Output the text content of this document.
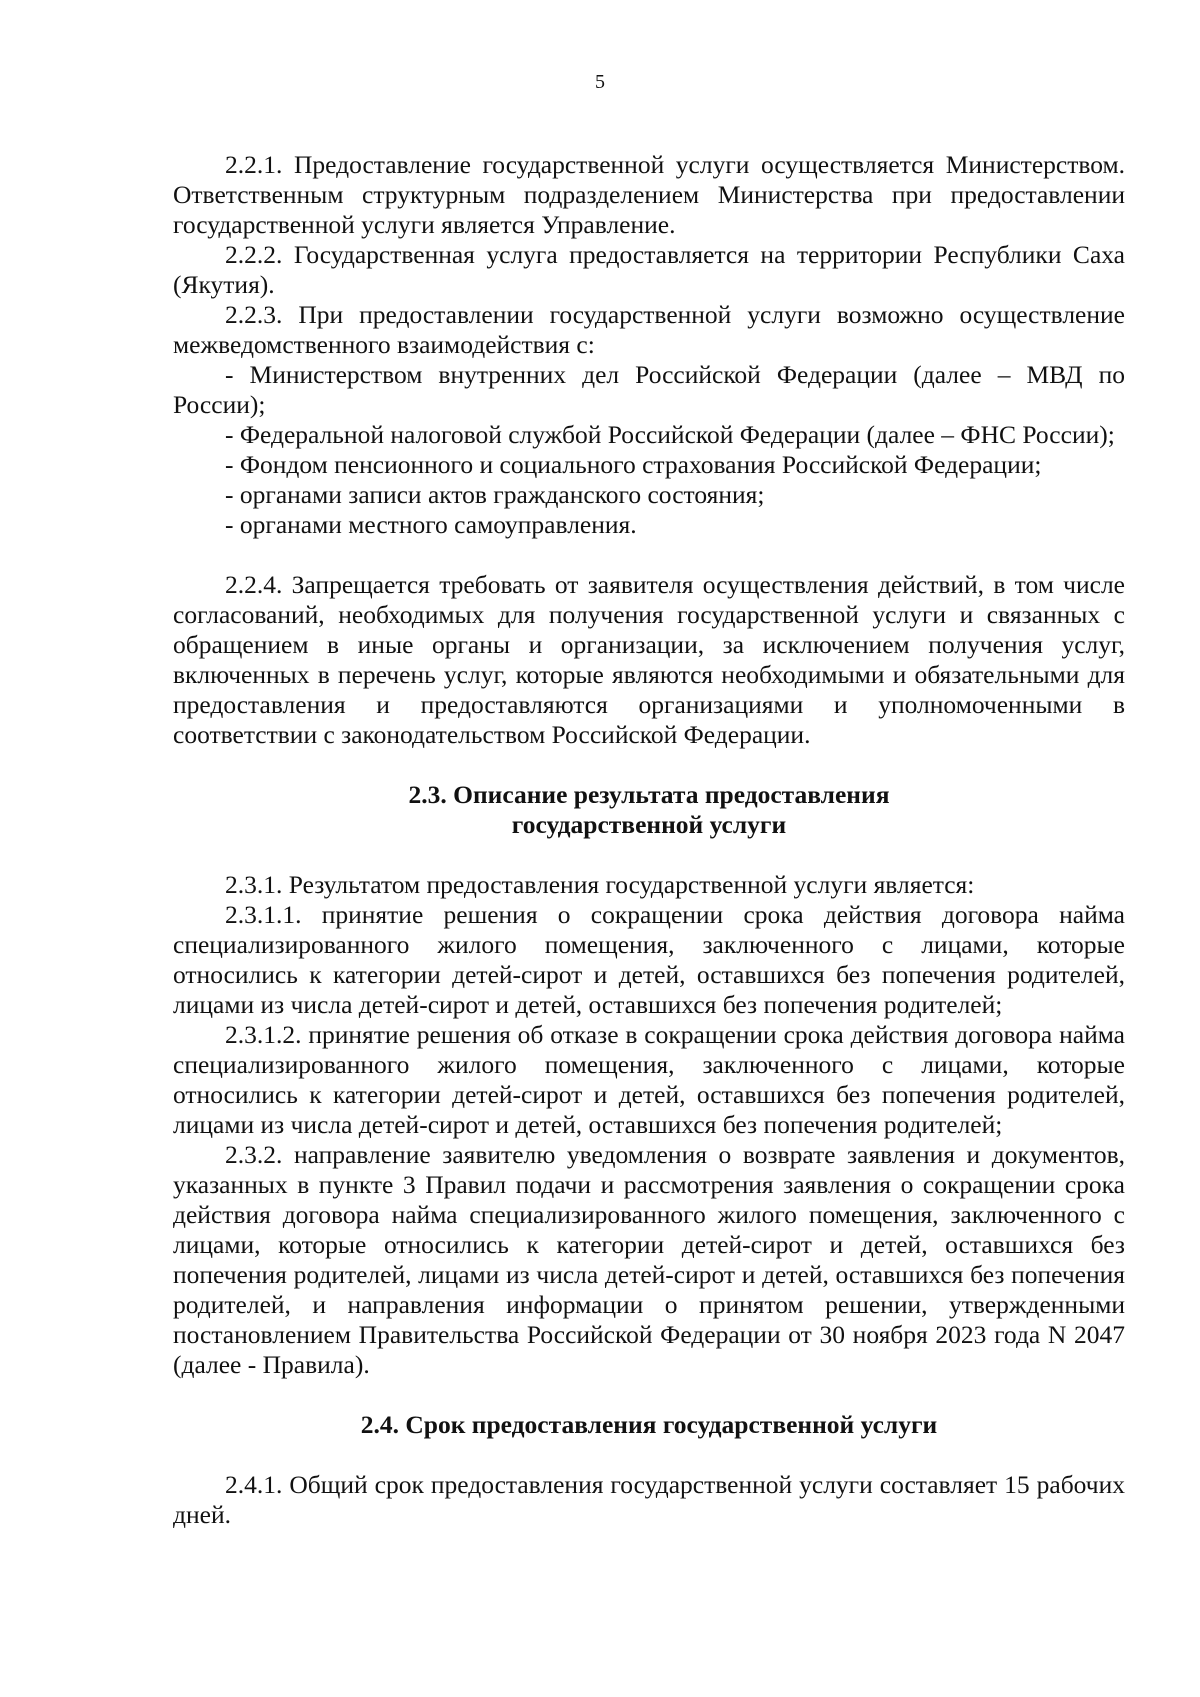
5

2.2.1. Предоставление государственной услуги осуществляется Министерством. Ответственным структурным подразделением Министерства при предоставлении государственной услуги является Управление.

2.2.2. Государственная услуга предоставляется на территории Республики Саха (Якутия).

2.2.3. При предоставлении государственной услуги возможно осуществление межведомственного взаимодействия с:

- Министерством внутренних дел Российской Федерации (далее – МВД по России);

- Федеральной налоговой службой Российской Федерации (далее – ФНС России);

- Фондом пенсионного и социального страхования Российской Федерации;

- органами записи актов гражданского состояния;

- органами местного самоуправления.

2.2.4. Запрещается требовать от заявителя осуществления действий, в том числе согласований, необходимых для получения государственной услуги и связанных с обращением в иные органы и организации, за исключением получения услуг, включенных в перечень услуг, которые являются необходимыми и обязательными для предоставления и предоставляются организациями и уполномоченными в соответствии с законодательством Российской Федерации.

2.3. Описание результата предоставления
государственной услуги

2.3.1. Результатом предоставления государственной услуги является:

2.3.1.1. принятие решения о сокращении срока действия договора найма специализированного жилого помещения, заключенного с лицами, которые относились к категории детей-сирот и детей, оставшихся без попечения родителей, лицами из числа детей-сирот и детей, оставшихся без попечения родителей;

2.3.1.2. принятие решения об отказе в сокращении срока действия договора найма специализированного жилого помещения, заключенного с лицами, которые относились к категории детей-сирот и детей, оставшихся без попечения родителей, лицами из числа детей-сирот и детей, оставшихся без попечения родителей;

2.3.2. направление заявителю уведомления о возврате заявления и документов, указанных в пункте 3 Правил подачи и рассмотрения заявления о сокращении срока действия договора найма специализированного жилого помещения, заключенного с лицами, которые относились к категории детей-сирот и детей, оставшихся без попечения родителей, лицами из числа детей-сирот и детей, оставшихся без попечения родителей, и направления информации о принятом решении, утвержденными постановлением Правительства Российской Федерации от 30 ноября 2023 года N 2047 (далее - Правила).

2.4. Срок предоставления государственной услуги

2.4.1. Общий срок предоставления государственной услуги составляет 15 рабочих дней.
